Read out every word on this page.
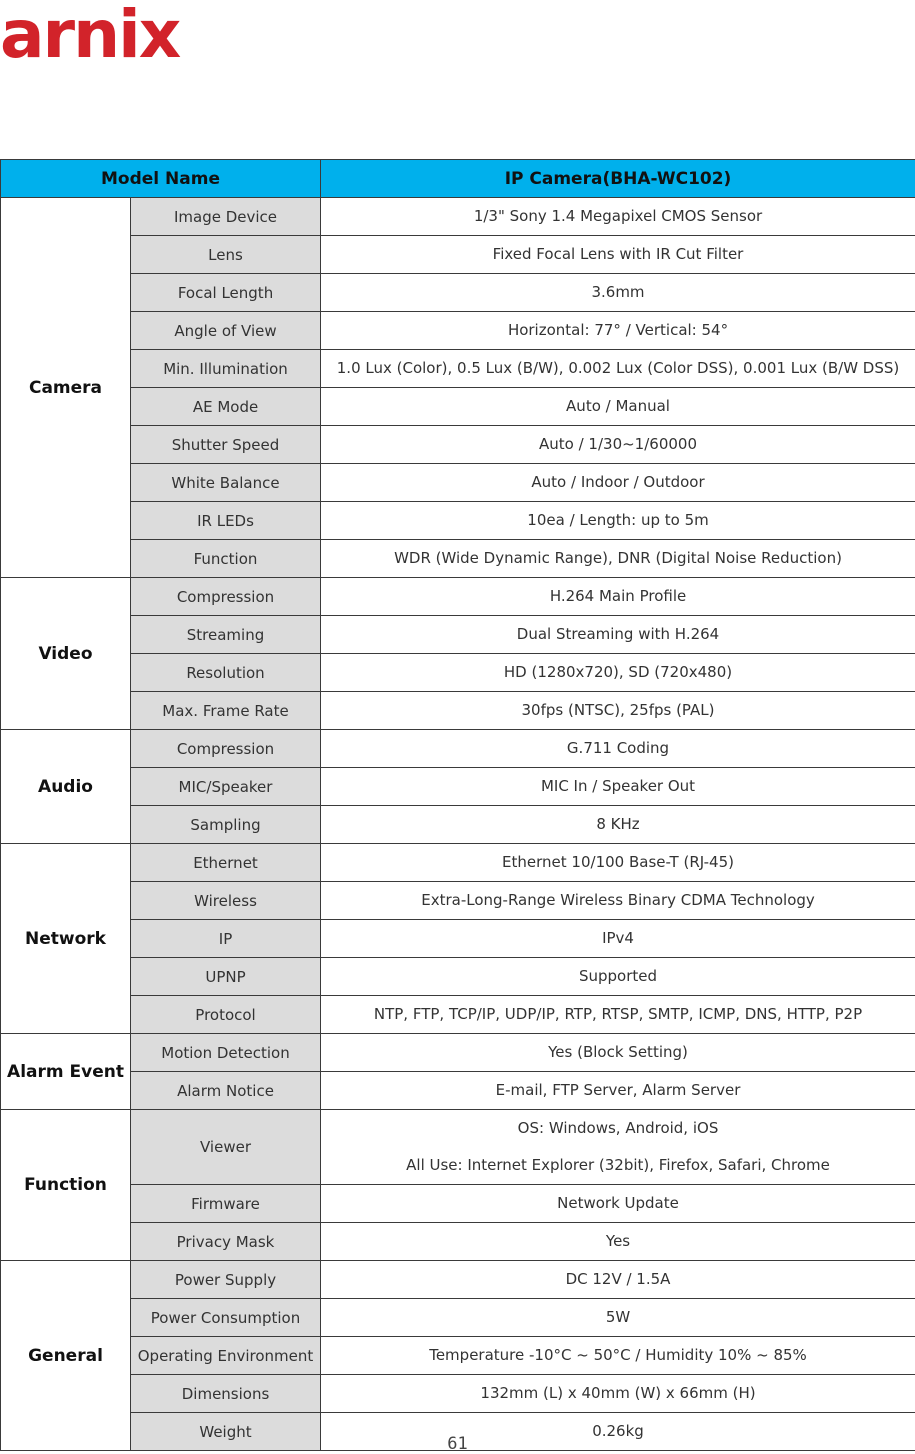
arnix
Model Name		IP Camera(BHA-WC102)
Camera	Image Device	1/3" Sony 1.4 Megapixel CMOS Sensor

	Lens	Fixed Focal Lens with IR Cut Filter

	Focal Length	3.6mm

	Angle of View	Horizontal: 77° / Vertical: 54°

	Min. Illumination	1.0 Lux (Color), 0.5 Lux (B/W), 0.002 Lux (Color DSS), 0.001 Lux (B/W DSS)

	AE Mode	Auto / Manual

	Shutter Speed	Auto / 1/30~1/60000

	White Balance	Auto / Indoor / Outdoor

	IR LEDs	10ea / Length: up to 5m

	Function	WDR (Wide Dynamic Range), DNR (Digital Noise Reduction)

Video	Compression	H.264 Main Profile

	Streaming	Dual Streaming with H.264

	Resolution	HD (1280x720), SD (720x480)

	Max. Frame Rate	30fps (NTSC), 25fps (PAL)

Audio	Compression	G.711 Coding

	MIC/Speaker	MIC In / Speaker Out

	Sampling	8 KHz

Network	Ethernet	Ethernet 10/100 Base-T (RJ-45)

	Wireless	Extra-Long-Range Wireless Binary CDMA Technology

	IP	IPv4

	UPNP	Supported

	Protocol	NTP, FTP, TCP/IP, UDP/IP, RTP, RTSP, SMTP, ICMP, DNS, HTTP, P2P

Alarm Event	Motion Detection	Yes (Block Setting)

	Alarm Notice	E-mail, FTP Server, Alarm Server

Function	Viewer	OS: Windows, Android, iOS
All Use: Internet Explorer (32bit), Firefox, Safari, Chrome

	Firmware	Network Update

	Privacy Mask	Yes

General	Power Supply	DC 12V / 1.5A

	Power Consumption	5W

	Operating Environment	Temperature -10°C ~ 50°C / Humidity 10% ~ 85%

	Dimensions	132mm (L) x 40mm (W) x 66mm (H)

	Weight	0.26kg
61
